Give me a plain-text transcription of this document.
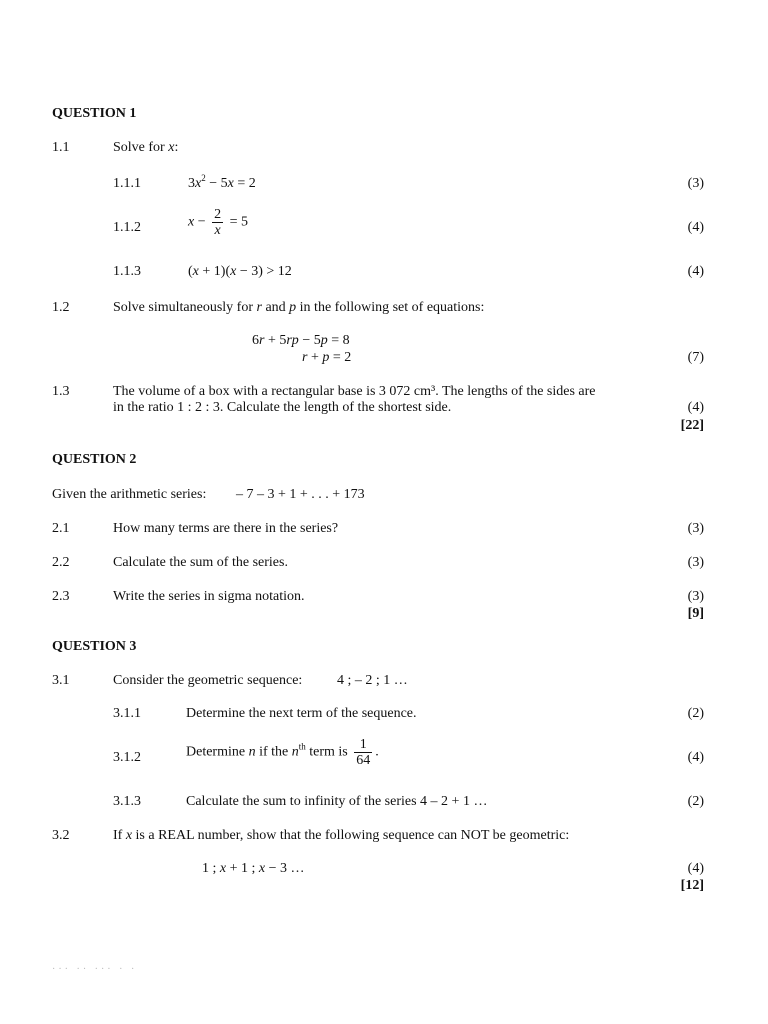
QUESTION 1
1.1	Solve for x:
1.1.1	$3x^2 - 5x = 2$	(3)
1.1.2	$x - \frac{2}{x} = 5$	(4)
1.1.3	(x + 1)(x − 3) > 12	(4)
1.2	Solve simultaneously for r and p in the following set of equations:
6r + 5rp − 5p = 8
r + p = 2	(7)
1.3	The volume of a box with a rectangular base is 3 072 cm³. The lengths of the sides are
in the ratio 1 : 2 : 3. Calculate the length of the shortest side.	(4)
[22]
QUESTION 2
Given the arithmetic series: – 7 – 3 + 1 + . . . + 173
2.1	How many terms are there in the series?	(3)
2.2	Calculate the sum of the series.	(3)
2.3	Write the series in sigma notation.	(3)
[9]
QUESTION 3
3.1	Consider the geometric sequence: 4 ; – 2 ; 1 …
3.1.1	Determine the next term of the sequence.	(2)
3.1.2	Determine n if the $n^{th}$ term is $\frac{1}{64}$ .	(4)
3.1.3	Calculate the sum to infinity of the series 4 – 2 + 1 …	(2)
3.2	If x is a REAL number, show that the following sequence can NOT be geometric:
1 ; x + 1 ; x − 3 …	(4)
[12]
··· ·· ··· · ·
